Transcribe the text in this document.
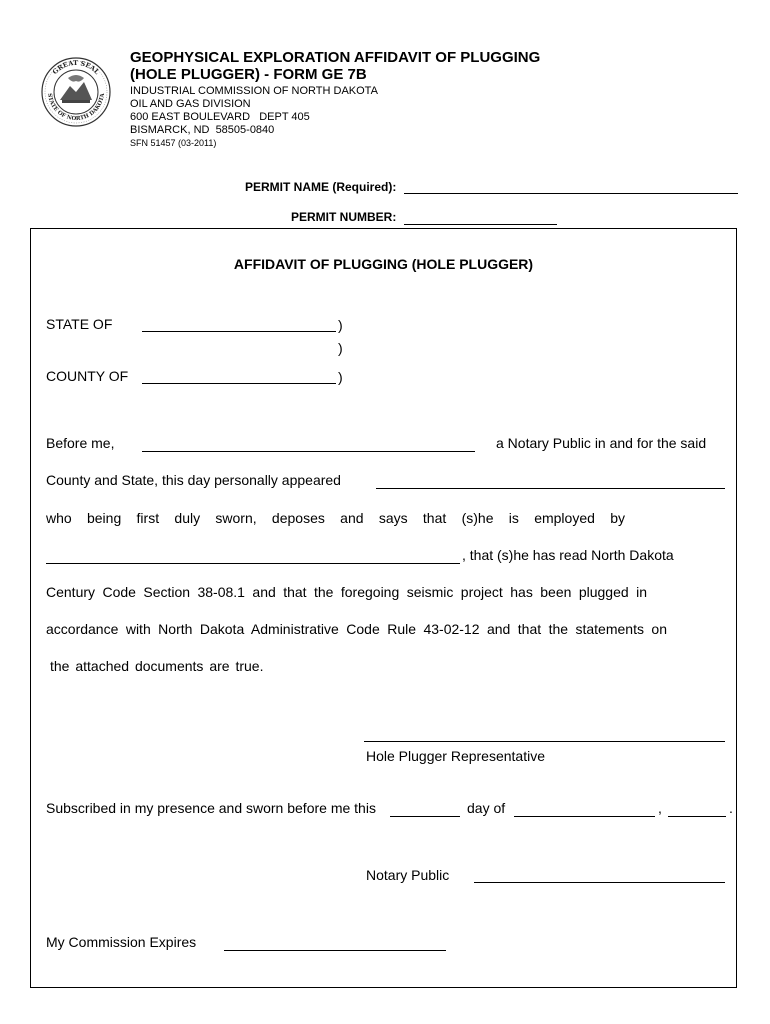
GREAT SEAL
STATE OF NORTH DAKOTA
GEOPHYSICAL EXPLORATION AFFIDAVIT OF PLUGGING
(HOLE PLUGGER) - FORM GE 7B
INDUSTRIAL COMMISSION OF NORTH DAKOTA
OIL AND GAS DIVISION
600 EAST BOULEVARD   DEPT 405
BISMARCK, ND  58505-0840
SFN 51457 (03-2011)
PERMIT NAME (Required):
PERMIT NUMBER:
AFFIDAVIT OF PLUGGING (HOLE PLUGGER)
STATE OF	)
)
COUNTY OF	)
Before me,	a Notary Public in and for the said
County and State, this day personally appeared
who being first duly sworn, deposes and says that (s)he is employed by
, that (s)he has read North Dakota
Century Code Section 38-08.1 and that the foregoing seismic project has been plugged in
accordance with North Dakota Administrative Code Rule 43-02-12 and that the statements on
the attached documents are true.
Hole Plugger Representative
Subscribed in my presence and sworn before me this	day of	,	.
Notary Public
My Commission Expires
